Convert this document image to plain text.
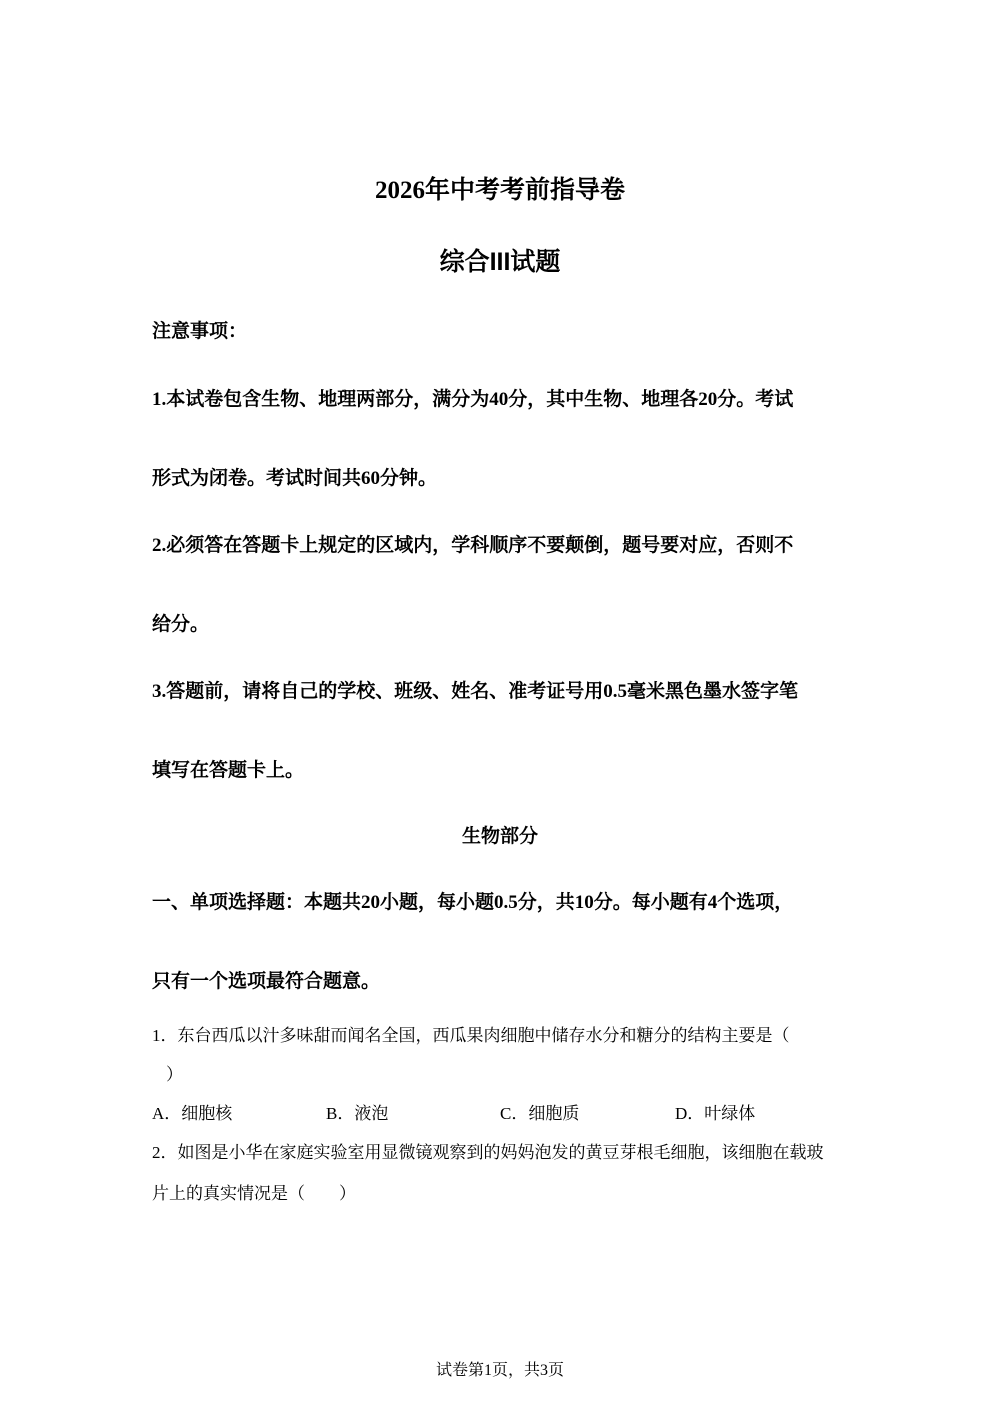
2026年中考考前指导卷
综合III试题
注意事项：
1.本试卷包含生物、地理两部分，满分为40分，其中生物、地理各20分。考试
形式为闭卷。考试时间共60分钟。
2.必须答在答题卡上规定的区域内，学科顺序不要颠倒，题号要对应，否则不
给分。
3.答题前，请将自己的学校、班级、姓名、准考证号用0.5毫米黑色墨水签字笔
填写在答题卡上。
生物部分
一、单项选择题：本题共20小题，每小题0.5分，共10分。每小题有4个选项，
只有一个选项最符合题意。
1．东台西瓜以汁多味甜而闻名全国，西瓜果肉细胞中储存水分和糖分的结构主要是（
）
A．细胞核	B．液泡	C．细胞质	D．叶绿体
2．如图是小华在家庭实验室用显微镜观察到的妈妈泡发的黄豆芽根毛细胞，该细胞在载玻
片上的真实情况是（　　）
试卷第1页，共3页
